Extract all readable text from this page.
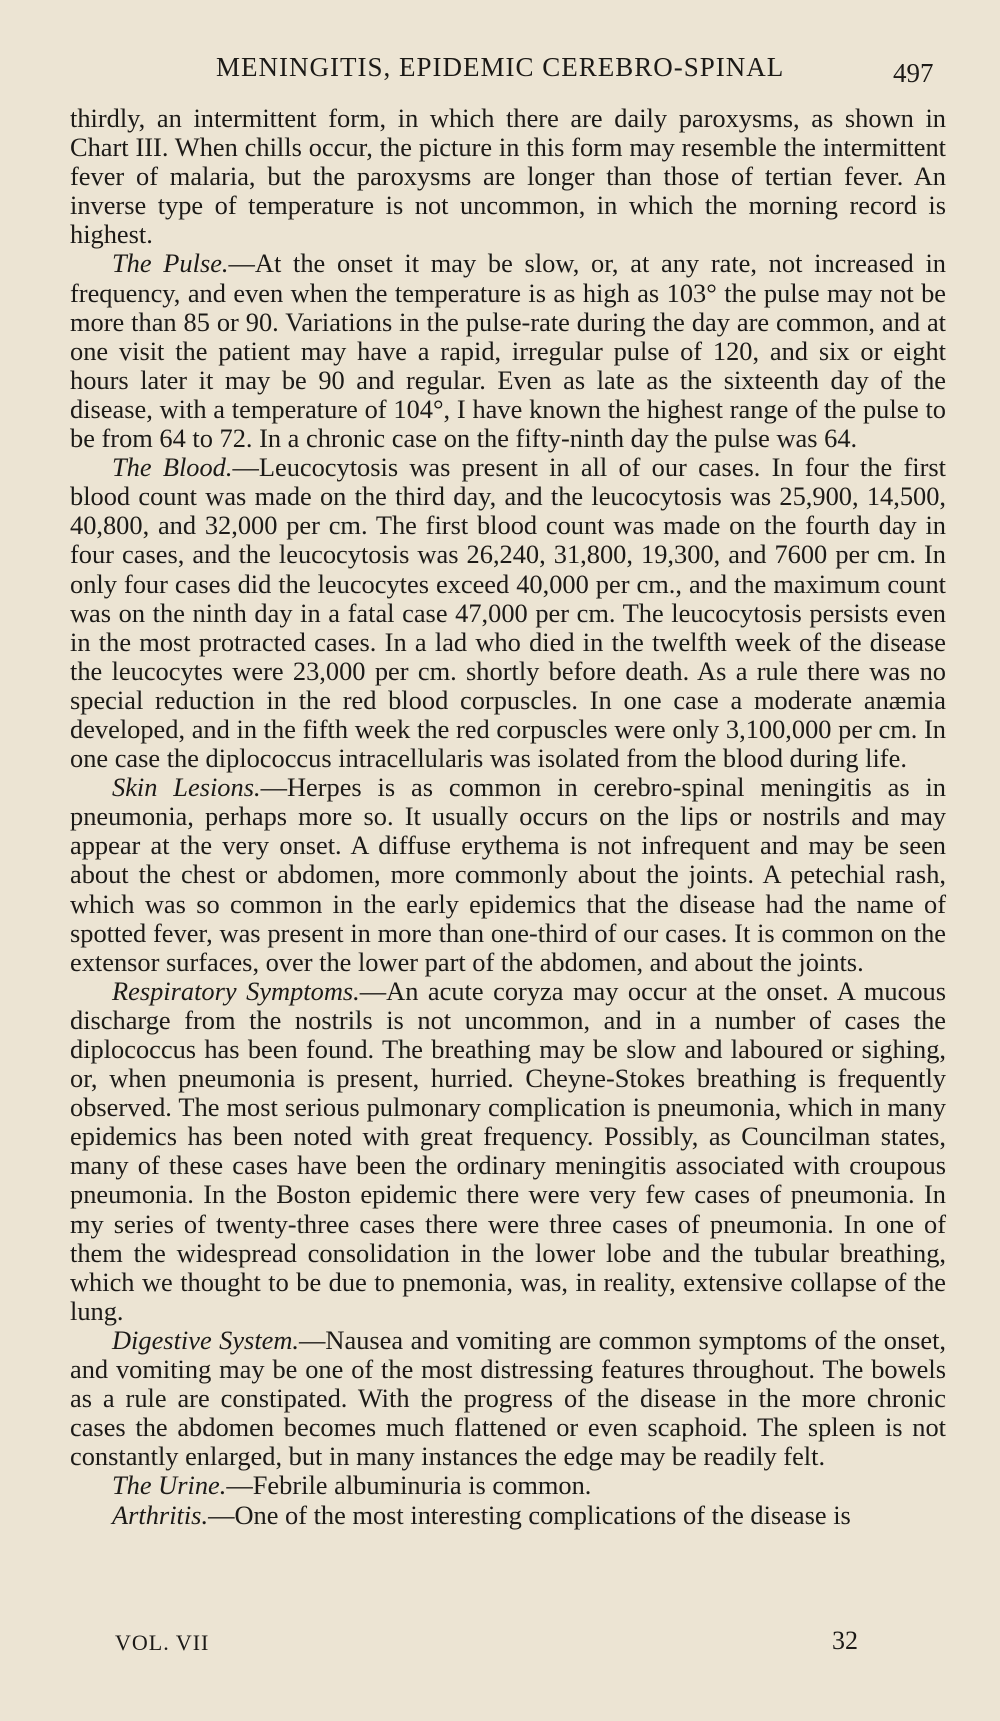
MENINGITIS, EPIDEMIC CEREBRO-SPINAL	497

thirdly, an intermittent form, in which there are daily paroxysms, as shown in Chart III. When chills occur, the picture in this form may resemble the intermittent fever of malaria, but the paroxysms are longer than those of tertian fever. An inverse type of temperature is not uncommon, in which the morning record is highest.

The Pulse.—At the onset it may be slow, or, at any rate, not increased in frequency, and even when the temperature is as high as 103° the pulse may not be more than 85 or 90. Variations in the pulse-rate during the day are common, and at one visit the patient may have a rapid, irregular pulse of 120, and six or eight hours later it may be 90 and regular. Even as late as the sixteenth day of the disease, with a temperature of 104°, I have known the highest range of the pulse to be from 64 to 72. In a chronic case on the fifty-ninth day the pulse was 64.

The Blood.—Leucocytosis was present in all of our cases. In four the first blood count was made on the third day, and the leucocytosis was 25,900, 14,500, 40,800, and 32,000 per cm. The first blood count was made on the fourth day in four cases, and the leucocytosis was 26,240, 31,800, 19,300, and 7600 per cm. In only four cases did the leucocytes exceed 40,000 per cm., and the maximum count was on the ninth day in a fatal case 47,000 per cm. The leucocytosis persists even in the most protracted cases. In a lad who died in the twelfth week of the disease the leucocytes were 23,000 per cm. shortly before death. As a rule there was no special reduction in the red blood corpuscles. In one case a moderate anæmia developed, and in the fifth week the red corpuscles were only 3,100,000 per cm. In one case the diplococcus intracellularis was isolated from the blood during life.

Skin Lesions.—Herpes is as common in cerebro-spinal meningitis as in pneumonia, perhaps more so. It usually occurs on the lips or nostrils and may appear at the very onset. A diffuse erythema is not infrequent and may be seen about the chest or abdomen, more commonly about the joints. A petechial rash, which was so common in the early epidemics that the disease had the name of spotted fever, was present in more than one-third of our cases. It is common on the extensor surfaces, over the lower part of the abdomen, and about the joints.

Respiratory Symptoms.—An acute coryza may occur at the onset. A mucous discharge from the nostrils is not uncommon, and in a number of cases the diplococcus has been found. The breathing may be slow and laboured or sighing, or, when pneumonia is present, hurried. Cheyne-Stokes breathing is frequently observed. The most serious pulmonary complication is pneumonia, which in many epidemics has been noted with great frequency. Possibly, as Councilman states, many of these cases have been the ordinary meningitis associated with croupous pneumonia. In the Boston epidemic there were very few cases of pneumonia. In my series of twenty-three cases there were three cases of pneumonia. In one of them the widespread consolidation in the lower lobe and the tubular breathing, which we thought to be due to pnemonia, was, in reality, extensive collapse of the lung.

Digestive System.—Nausea and vomiting are common symptoms of the onset, and vomiting may be one of the most distressing features throughout. The bowels as a rule are constipated. With the progress of the disease in the more chronic cases the abdomen becomes much flattened or even scaphoid. The spleen is not constantly enlarged, but in many instances the edge may be readily felt.

The Urine.—Febrile albuminuria is common.

Arthritis.—One of the most interesting complications of the disease is

VOL. VII	32
